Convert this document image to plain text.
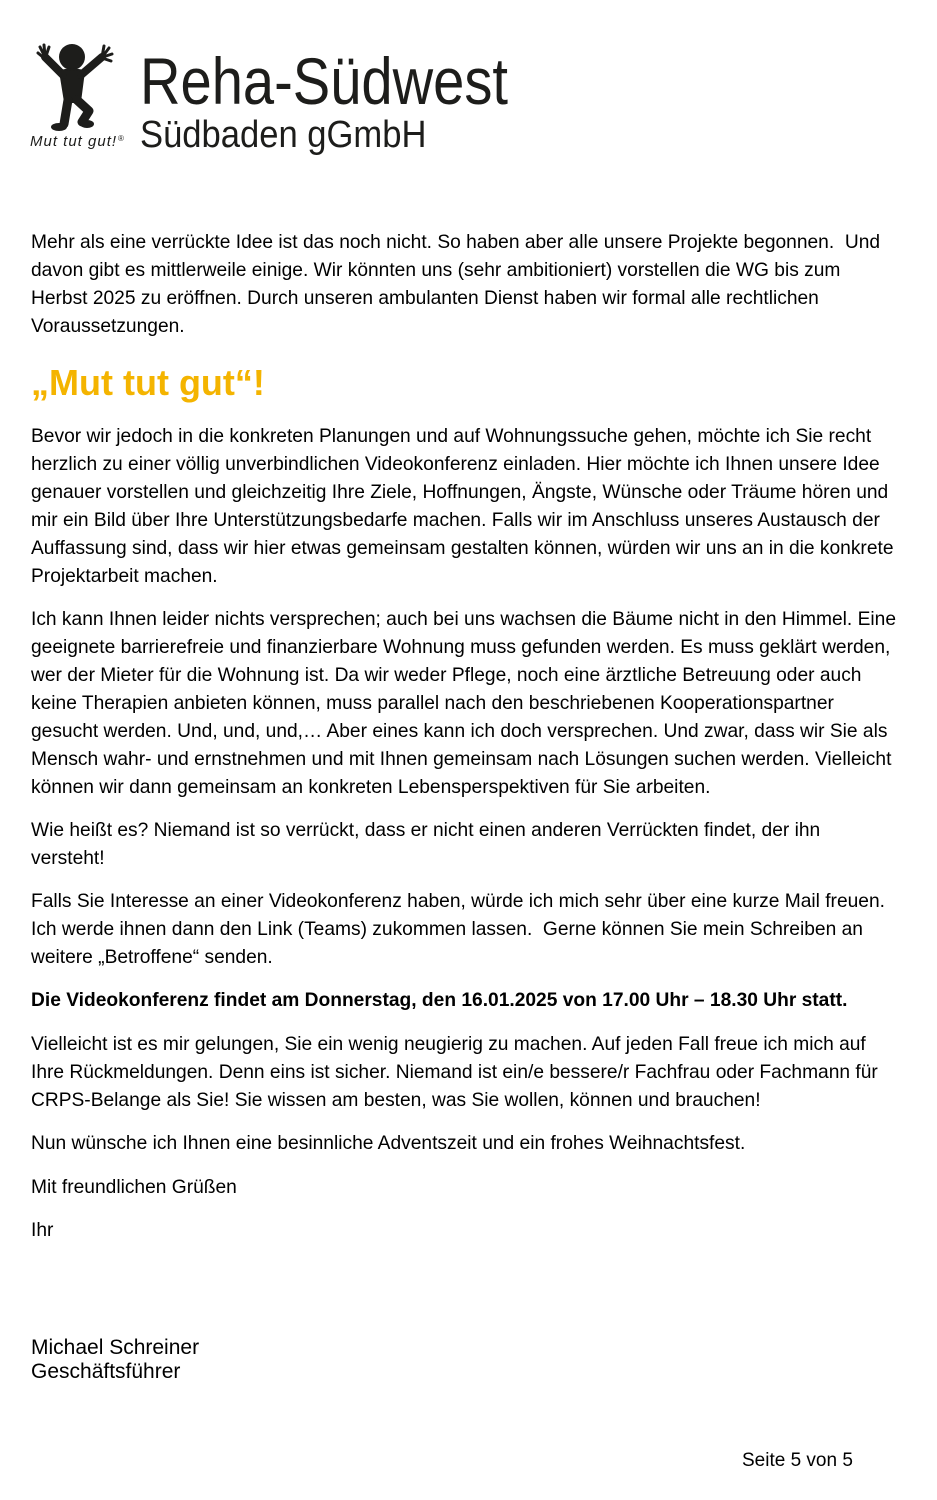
Mut tut gut!®
Reha-Südwest
Südbaden gGmbH
Mehr als eine verrückte Idee ist das noch nicht. So haben aber alle unsere Projekte begonnen.  Und
davon gibt es mittlerweile einige. Wir könnten uns (sehr ambitioniert) vorstellen die WG bis zum
Herbst 2025 zu eröffnen. Durch unseren ambulanten Dienst haben wir formal alle rechtlichen
Voraussetzungen.
„Mut tut gut“!
Bevor wir jedoch in die konkreten Planungen und auf Wohnungssuche gehen, möchte ich Sie recht
herzlich zu einer völlig unverbindlichen Videokonferenz einladen. Hier möchte ich Ihnen unsere Idee
genauer vorstellen und gleichzeitig Ihre Ziele, Hoffnungen, Ängste, Wünsche oder Träume hören und
mir ein Bild über Ihre Unterstützungsbedarfe machen. Falls wir im Anschluss unseres Austausch der
Auffassung sind, dass wir hier etwas gemeinsam gestalten können, würden wir uns an in die konkrete
Projektarbeit machen.
Ich kann Ihnen leider nichts versprechen; auch bei uns wachsen die Bäume nicht in den Himmel. Eine
geeignete barrierefreie und finanzierbare Wohnung muss gefunden werden. Es muss geklärt werden,
wer der Mieter für die Wohnung ist. Da wir weder Pflege, noch eine ärztliche Betreuung oder auch
keine Therapien anbieten können, muss parallel nach den beschriebenen Kooperationspartner
gesucht werden. Und, und, und,… Aber eines kann ich doch versprechen. Und zwar, dass wir Sie als
Mensch wahr- und ernstnehmen und mit Ihnen gemeinsam nach Lösungen suchen werden. Vielleicht
können wir dann gemeinsam an konkreten Lebensperspektiven für Sie arbeiten.
Wie heißt es? Niemand ist so verrückt, dass er nicht einen anderen Verrückten findet, der ihn
versteht!
Falls Sie Interesse an einer Videokonferenz haben, würde ich mich sehr über eine kurze Mail freuen.
Ich werde ihnen dann den Link (Teams) zukommen lassen.  Gerne können Sie mein Schreiben an
weitere „Betroffene“ senden.
Die Videokonferenz findet am Donnerstag, den 16.01.2025 von 17.00 Uhr – 18.30 Uhr statt.
Vielleicht ist es mir gelungen, Sie ein wenig neugierig zu machen. Auf jeden Fall freue ich mich auf
Ihre Rückmeldungen. Denn eins ist sicher. Niemand ist ein/e bessere/r Fachfrau oder Fachmann für
CRPS-Belange als Sie! Sie wissen am besten, was Sie wollen, können und brauchen!
Nun wünsche ich Ihnen eine besinnliche Adventszeit und ein frohes Weihnachtsfest.
Mit freundlichen Grüßen
Ihr
Michael Schreiner
Geschäftsführer
Seite 5 von 5
